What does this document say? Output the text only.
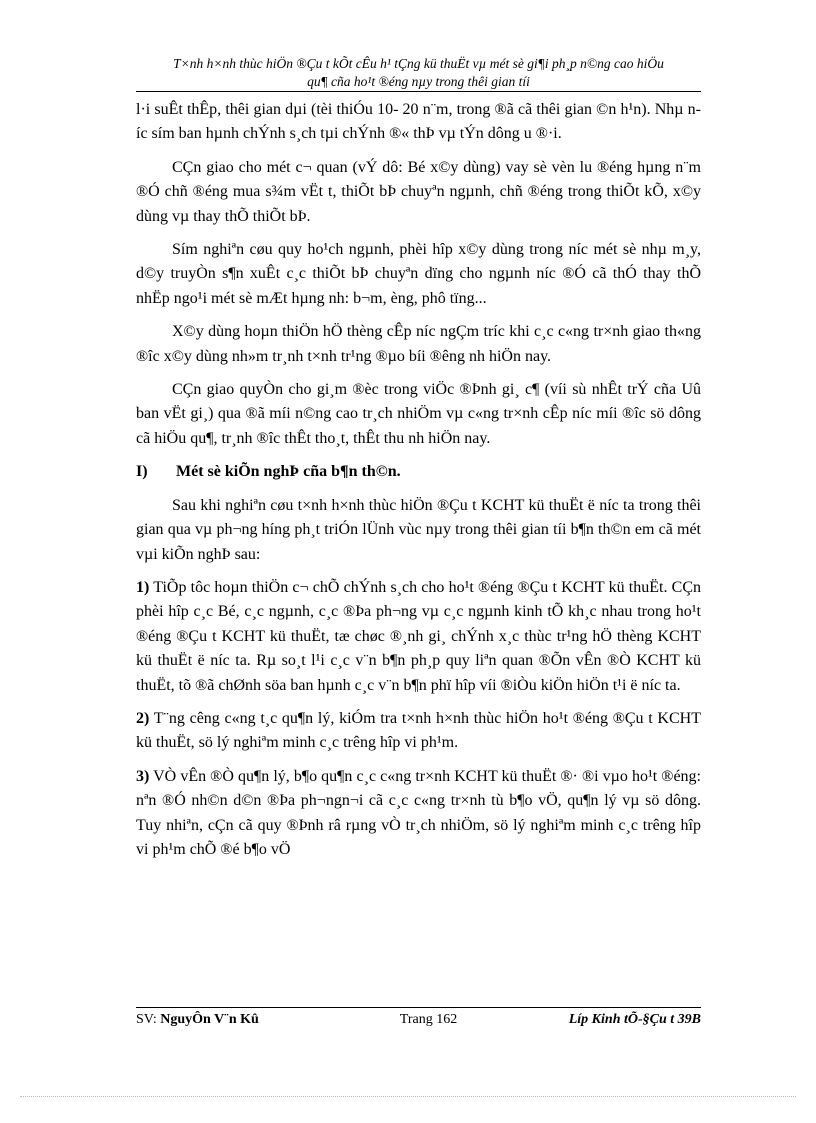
T×nh h×nh thùc hiÖn ®Çu t kÕt cÊu h¹ tÇng kü thuËt vµ mét sè gi¶i ph¸p n©ng cao hiÖu
qu¶ cña ho¹t ®éng nµy trong thêi gian tíi

l·i suÊt thÊp, thêi gian dµi (tèi thiÓu 10- 20 n¨m, trong ®ã cã thêi gian ©n h¹n). Nhµ níc sím ban hµnh chÝnh s¸ch tµi chÝnh ®« thÞ vµ tÝn dông u ®·i.

CÇn giao cho mét c¬ quan (vÝ dô: Bé x©y dùng) vay sè vèn lu ®éng hµng n¨m ®Ó chñ ®éng mua s¾m vËt t, thiÕt bÞ chuyªn ngµnh, chñ ®éng trong thiÕt kÕ, x©y dùng vµ thay thÕ thiÕt bÞ.

Sím nghiªn cøu quy ho¹ch ngµnh, phèi hîp x©y dùng trong níc mét sè nhµ m¸y, d©y truyÒn s¶n xuÊt c¸c thiÕt bÞ chuyªn dïng cho ngµnh níc ®Ó cã thÓ thay thÕ nhËp ngo¹i mét sè mÆt hµng nh: b¬m, èng, phô tïng...

X©y dùng hoµn thiÖn hÖ thèng cÊp níc ngÇm tríc khi c¸c c«ng tr×nh giao th«ng ®îc x©y dùng nh»m tr¸nh t×nh tr¹ng ®µo bíi ®êng nh hiÖn nay.

CÇn giao quyÒn cho gi¸m ®èc trong viÖc ®Þnh gi¸ c¶ (víi sù nhÊt trÝ cña Uû ban vËt gi¸) qua ®ã míi n©ng cao tr¸ch nhiÖm vµ c«ng tr×nh cÊp níc míi ®îc sö dông cã hiÖu qu¶, tr¸nh ®îc thÊt tho¸t, thÊt thu nh hiÖn nay.

I)	Mét sè kiÕn nghÞ cña b¶n th©n.

Sau khi nghiªn cøu t×nh h×nh thùc hiÖn ®Çu t KCHT kü thuËt ë níc ta trong thêi gian qua vµ ph¬ng híng ph¸t triÓn lÜnh vùc nµy trong thêi gian tíi b¶n th©n em cã mét vµi kiÕn nghÞ sau:

1) TiÕp tôc hoµn thiÖn c¬ chÕ chÝnh s¸ch cho ho¹t ®éng ®Çu t KCHT kü thuËt. CÇn phèi hîp c¸c Bé, c¸c ngµnh, c¸c ®Þa ph¬ng vµ c¸c ngµnh kinh tÕ kh¸c nhau trong ho¹t ®éng ®Çu t KCHT kü thuËt, tæ chøc ®¸nh gi¸ chÝnh x¸c thùc tr¹ng hÖ thèng KCHT kü thuËt ë níc ta. Rµ so¸t l¹i c¸c v¨n b¶n ph¸p quy liªn quan ®Õn vÊn ®Ò KCHT kü thuËt, tõ ®ã chØnh söa ban hµnh c¸c v¨n b¶n phï hîp víi ®iÒu kiÖn hiÖn t¹i ë níc ta.

2) T¨ng cêng c«ng t¸c qu¶n lý, kiÓm tra t×nh h×nh thùc hiÖn ho¹t ®éng ®Çu t KCHT kü thuËt, sö lý nghiªm minh c¸c trêng hîp vi ph¹m.

3) VÒ vÊn ®Ò qu¶n lý, b¶o qu¶n c¸c c«ng tr×nh KCHT kü thuËt ®· ®i vµo ho¹t ®éng: nªn ®Ó nh©n d©n ®Þa ph¬ngn¬i cã c¸c c«ng tr×nh tù b¶o vÖ, qu¶n lý vµ sö dông. Tuy nhiªn, cÇn cã quy ®Þnh râ rµng vÒ tr¸ch nhiÖm, sö lý nghiªm minh c¸c trêng hîp vi ph¹m chÕ ®é b¶o vÖ

SV: NguyÔn V¨n Kû	Trang 162	Líp Kinh tÕ-§Çu t 39B
